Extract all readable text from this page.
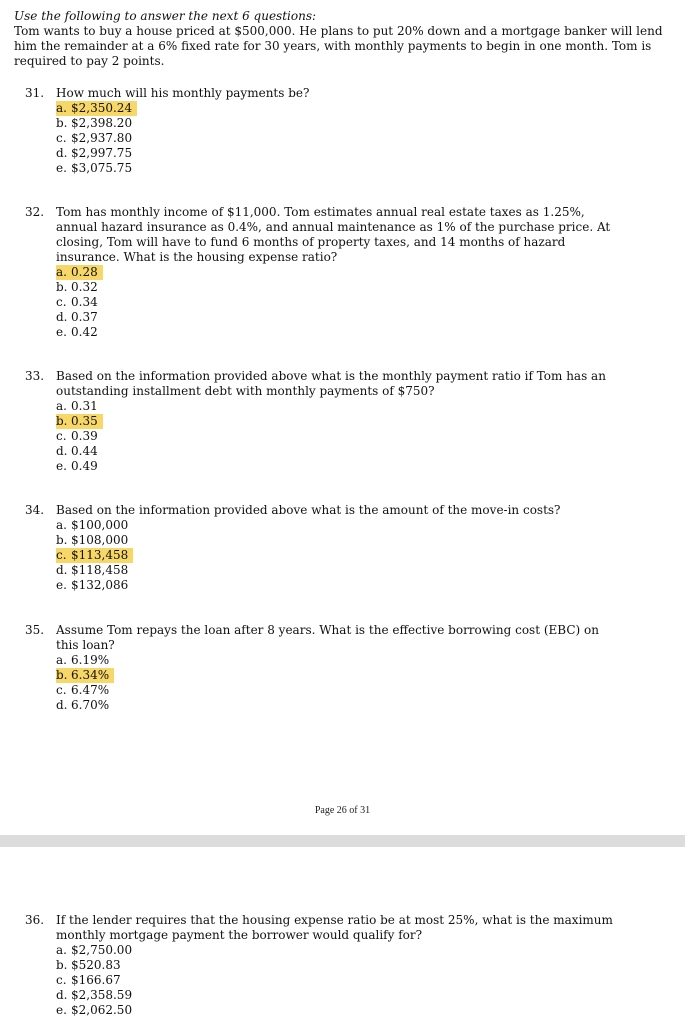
Use the following to answer the next 6 questions:
Tom wants to buy a house priced at $500,000. He plans to put 20% down and a mortgage banker will lend him the remainder at a 6% fixed rate for 30 years, with monthly payments to begin in one month. Tom is required to pay 2 points.
31. How much will his monthly payments be?
a. $2,350.24
b. $2,398.20
c. $2,937.80
d. $2,997.75
e. $3,075.75
32. Tom has monthly income of $11,000. Tom estimates annual real estate taxes as 1.25%, annual hazard insurance as 0.4%, and annual maintenance as 1% of the purchase price. At closing, Tom will have to fund 6 months of property taxes, and 14 months of hazard insurance. What is the housing expense ratio?
a. 0.28
b. 0.32
c. 0.34
d. 0.37
e. 0.42
33. Based on the information provided above what is the monthly payment ratio if Tom has an outstanding installment debt with monthly payments of $750?
a. 0.31
b. 0.35
c. 0.39
d. 0.44
e. 0.49
34. Based on the information provided above what is the amount of the move-in costs?
a. $100,000
b. $108,000
c. $113,458
d. $118,458
e. $132,086
35. Assume Tom repays the loan after 8 years. What is the effective borrowing cost (EBC) on this loan?
a. 6.19%
b. 6.34%
c. 6.47%
d. 6.70%
Page 26 of 31
36. If the lender requires that the housing expense ratio be at most 25%, what is the maximum monthly mortgage payment the borrower would qualify for?
a. $2,750.00
b. $520.83
c. $166.67
d. $2,358.59
e. $2,062.50
